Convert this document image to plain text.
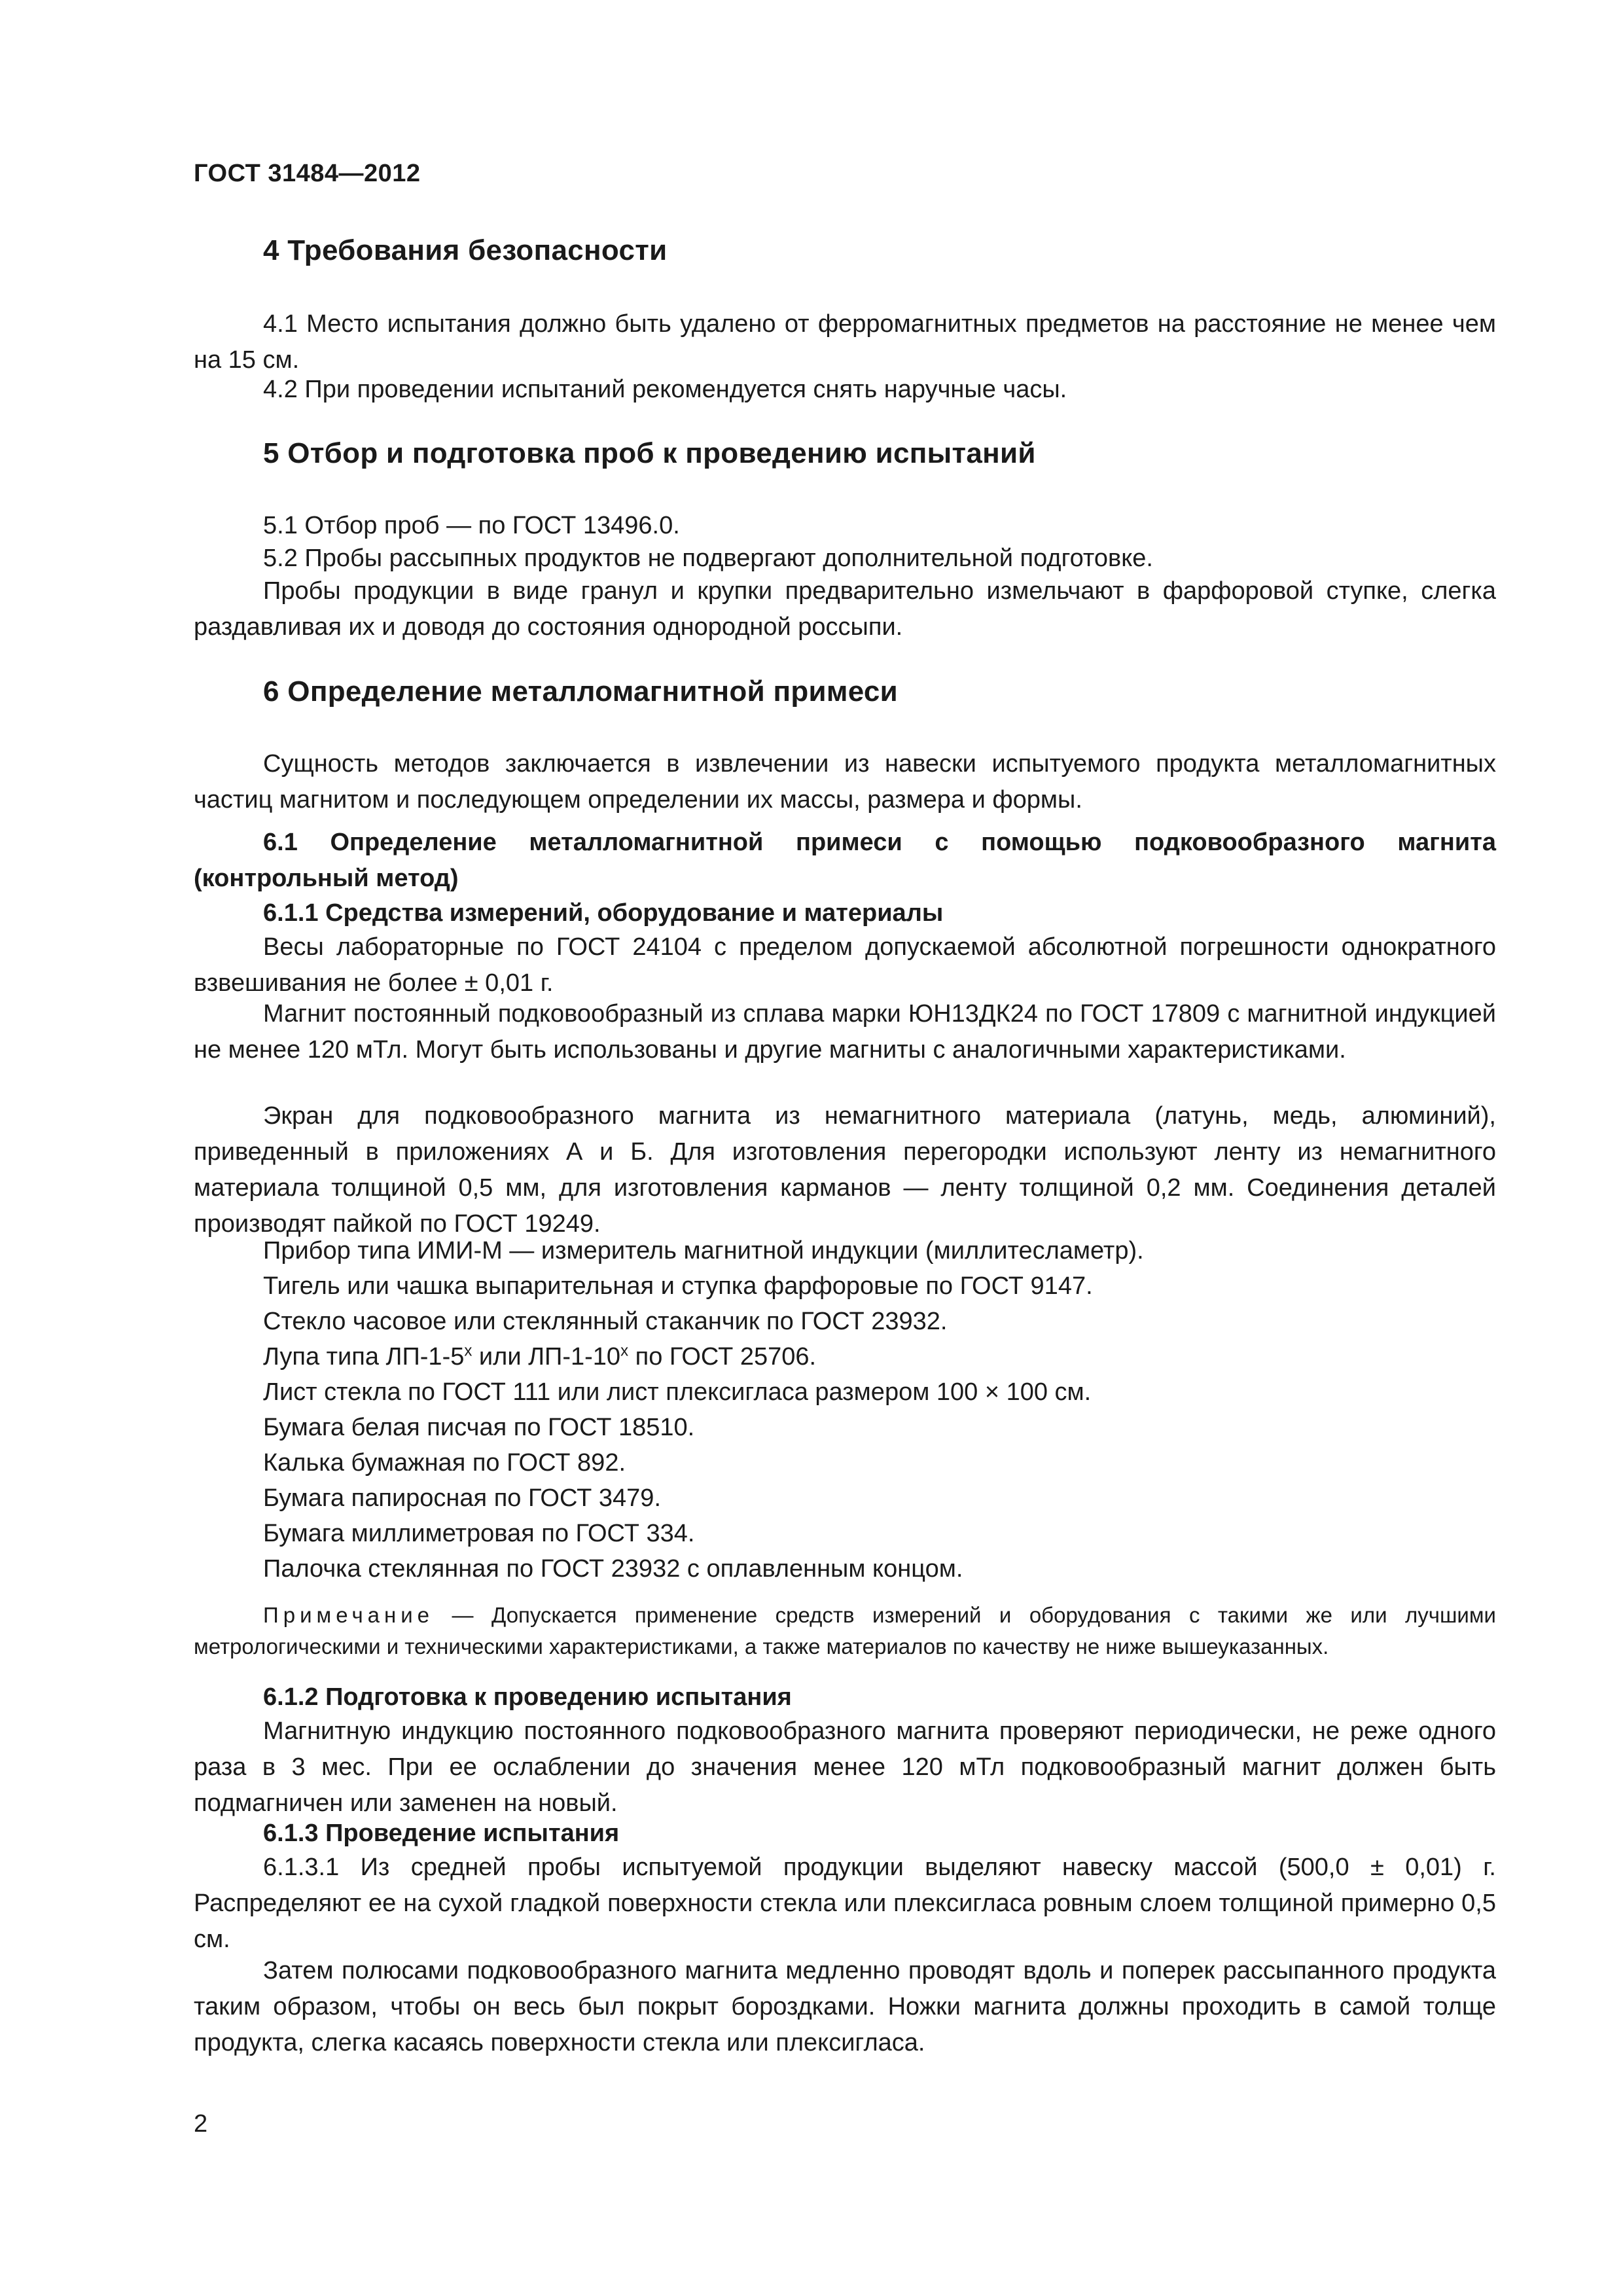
ГОСТ 31484—2012
4 Требования безопасности
4.1 Место испытания должно быть удалено от ферромагнитных предметов на расстояние не менее чем на 15 см.
4.2 При проведении испытаний рекомендуется снять наручные часы.
5 Отбор и подготовка проб к проведению испытаний
5.1 Отбор проб — по ГОСТ 13496.0.
5.2 Пробы рассыпных продуктов не подвергают дополнительной подготовке.
Пробы продукции в виде гранул и крупки предварительно измельчают в фарфоровой ступке, слегка раздавливая их и доводя до состояния однородной россыпи.
6 Определение металломагнитной примеси
Сущность методов заключается в извлечении из навески испытуемого продукта металломагнитных частиц магнитом и последующем определении их массы, размера и формы.
6.1 Определение металломагнитной примеси с помощью подковообразного магнита (контрольный метод)
6.1.1 Средства измерений, оборудование и материалы
Весы лабораторные по ГОСТ 24104 с пределом допускаемой абсолютной погрешности однократного взвешивания не более ± 0,01 г.
Магнит постоянный подковообразный из сплава марки ЮН13ДК24 по ГОСТ 17809 с магнитной индукцией не менее 120 мТл. Могут быть использованы и другие магниты с аналогичными характеристиками.
Экран для подковообразного магнита из немагнитного материала (латунь, медь, алюминий), приведенный в приложениях А и Б. Для изготовления перегородки используют ленту из немагнитного материала толщиной 0,5 мм, для изготовления карманов — ленту толщиной 0,2 мм. Соединения деталей производят пайкой по ГОСТ 19249.
Прибор типа ИМИ-М — измеритель магнитной индукции (миллитесламетр).
Тигель или чашка выпарительная и ступка фарфоровые по ГОСТ 9147.
Стекло часовое или стеклянный стаканчик по ГОСТ 23932.
Лупа типа ЛП-1-5$^x$ или ЛП-1-10$^x$ по ГОСТ 25706.
Лист стекла по ГОСТ 111 или лист плексигласа размером 100 × 100 см.
Бумага белая писчая по ГОСТ 18510.
Калька бумажная по ГОСТ 892.
Бумага папиросная по ГОСТ 3479.
Бумага миллиметровая по ГОСТ 334.
Палочка стеклянная по ГОСТ 23932 с оплавленным концом.
Примечание — Допускается применение средств измерений и оборудования с такими же или лучшими метрологическими и техническими характеристиками, а также материалов по качеству не ниже вышеуказанных.
6.1.2 Подготовка к проведению испытания
Магнитную индукцию постоянного подковообразного магнита проверяют периодически, не реже одного раза в 3 мес. При ее ослаблении до значения менее 120 мТл подковообразный магнит должен быть подмагничен или заменен на новый.
6.1.3 Проведение испытания
6.1.3.1 Из средней пробы испытуемой продукции выделяют навеску массой (500,0 ± 0,01) г. Распределяют ее на сухой гладкой поверхности стекла или плексигласа ровным слоем толщиной примерно 0,5 см.
Затем полюсами подковообразного магнита медленно проводят вдоль и поперек рассыпанного продукта таким образом, чтобы он весь был покрыт бороздками. Ножки магнита должны проходить в самой толще продукта, слегка касаясь поверхности стекла или плексигласа.
2
